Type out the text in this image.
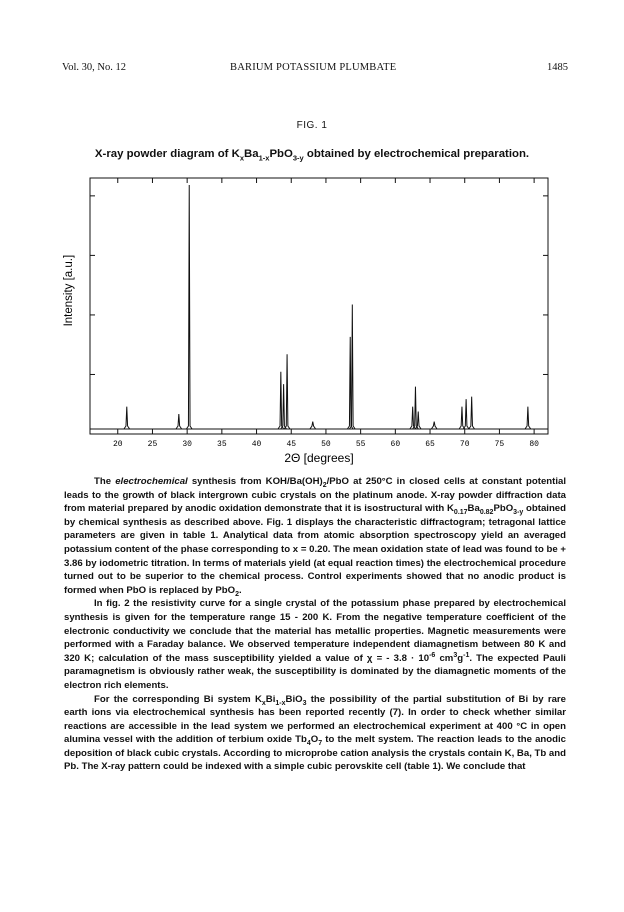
Vol. 30, No. 12	BARIUM POTASSIUM PLUMBATE	1485
FIG. 1
X-ray powder diagram of $K_xBa_{1-x}PbO_{3-y}$ obtained by electrochemical preparation.
20	25	30	35	40	45	50	55	60	65	70	75	80
2Θ [degrees]
Intensity [a.u.]

The electrochemical synthesis from KOH/$Ba(OH)_2$/PbO at 250°C in closed cells at constant potential leads to the growth of black intergrown cubic crystals on the platinum anode. X-ray powder diffraction data from material prepared by anodic oxidation demonstrate that it is isostructural with $K_{0.17}Ba_{0.82}PbO_{3-y}$ obtained by chemical synthesis as described above. Fig. 1 displays the characteristic diffractogram; tetragonal lattice parameters are given in table 1. Analytical data from atomic absorption spectroscopy yield an averaged potassium content of the phase corresponding to x = 0.20. The mean oxidation state of lead was found to be + 3.86 by iodometric titration. In terms of materials yield (at equal reaction times) the electrochemical procedure turned out to be superior to the chemical process. Control experiments showed that no anodic product is formed when PbO is replaced by PbO$_2$.

In fig. 2 the resistivity curve for a single crystal of the potassium phase prepared by electrochemical synthesis is given for the temperature range 15 - 200 K. From the negative temperature coefficient of the electronic conductivity we conclude that the material has metallic properties. Magnetic measurements were performed with a Faraday balance. We observed temperature independent diamagnetism between 80 K and 320 K; calculation of the mass susceptibility yielded a value of χ = - $3.8 \cdot 10^{-6}$ $cm^3g^{-1}$. The expected Pauli paramagnetism is obviously rather weak, the susceptibility is dominated by the diamagnetic moments of the electron rich elements.

For the corresponding Bi system $K_xBi_{1-x}BiO_3$ the possibility of the partial substitution of Bi by rare earth ions via electrochemical synthesis has been reported recently (7). In order to check whether similar reactions are accessible in the lead system we performed an electrochemical experiment at 400 °C in open alumina vessel with the addition of terbium oxide $Tb_4O_7$ to the melt system. The reaction leads to the anodic deposition of black cubic crystals. According to microprobe cation analysis the crystals contain K, Ba, Tb and Pb. The X-ray pattern could be indexed with a simple cubic perovskite cell (table 1). We conclude that
